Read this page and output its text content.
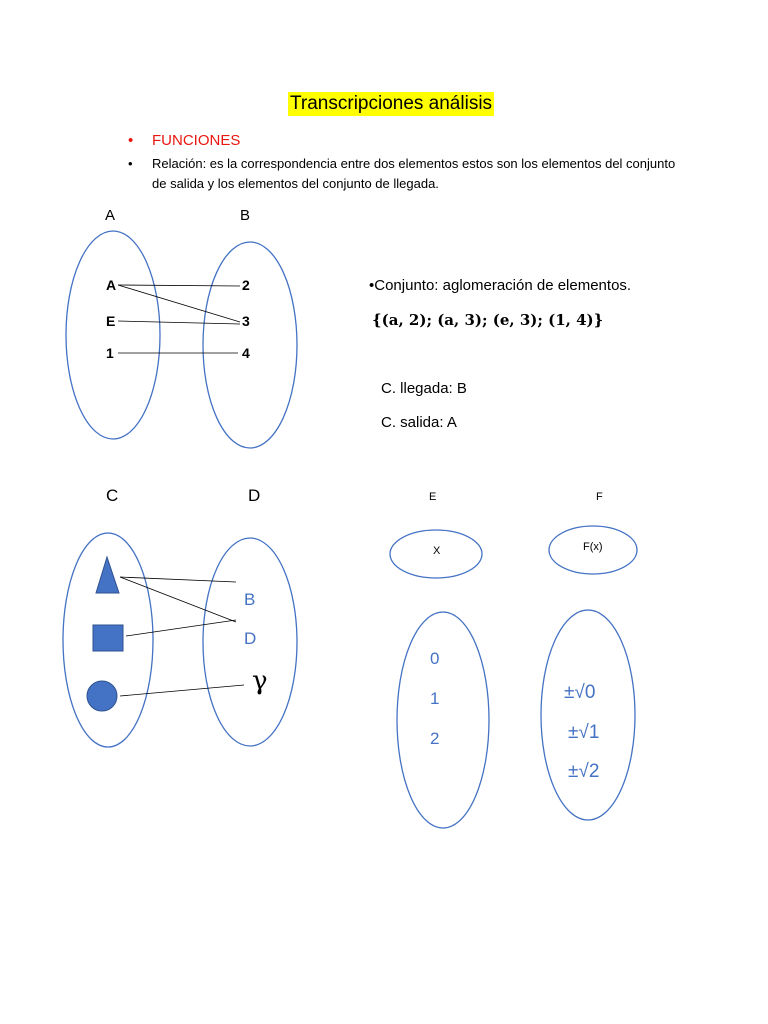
Transcripciones análisis
• FUNCIONES
• Relación: es la correspondencia entre dos elementos estos son los elementos del conjunto de salida y los elementos del conjunto de llegada.
A	B
A
E
1
2
3
4
•Conjunto: aglomeración de elementos.
{(a, 2); (a, 3); (e, 3); (1, 4)}
C. llegada: B
C. salida: A
C	D
B
D
γ
E	F
X	F(x)
0
1
2
±√0
±√1
±√2
